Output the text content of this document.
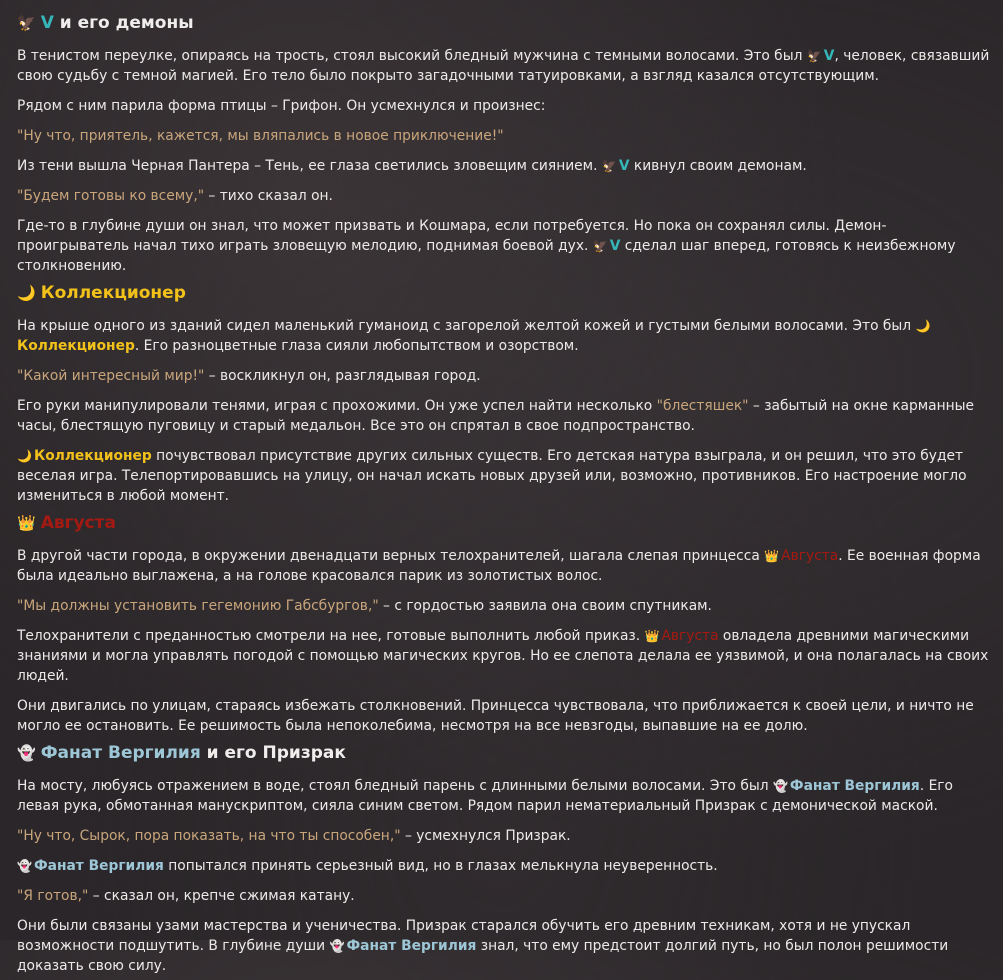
🦅 V и его демоны

В тенистом переулке, опираясь на трость, стоял высокий бледный мужчина с темными волосами. Это был 🦅 V, человек, связавший свою судьбу с темной магией. Его тело было покрыто загадочными татуировками, а взгляд казался отсутствующим.

Рядом с ним парила форма птицы – Грифон. Он усмехнулся и произнес:

"Ну что, приятель, кажется, мы вляпались в новое приключение!"

Из тени вышла Черная Пантера – Тень, ее глаза светились зловещим сиянием. 🦅 V кивнул своим демонам.

"Будем готовы ко всему," – тихо сказал он.

Где-то в глубине души он знал, что может призвать и Кошмара, если потребуется. Но пока он сохранял силы. Демон-проигрыватель начал тихо играть зловещую мелодию, поднимая боевой дух. 🦅 V сделал шаг вперед, готовясь к неизбежному столкновению.

🌙 Коллекционер

На крыше одного из зданий сидел маленький гуманоид с загорелой желтой кожей и густыми белыми волосами. Это был 🌙Коллекционер. Его разноцветные глаза сияли любопытством и озорством.

"Какой интересный мир!" – воскликнул он, разглядывая город.

Его руки манипулировали тенями, играя с прохожими. Он уже успел найти несколько "блестяшек" – забытый на окне карманные часы, блестящую пуговицу и старый медальон. Все это он спрятал в свое подпространство.

🌙 Коллекционер почувствовал присутствие других сильных существ. Его детская натура взыграла, и он решил, что это будет веселая игра. Телепортировавшись на улицу, он начал искать новых друзей или, возможно, противников. Его настроение могло измениться в любой момент.

👑 Августа

В другой части города, в окружении двенадцати верных телохранителей, шагала слепая принцесса 👑 Августа. Ее военная форма была идеально выглажена, а на голове красовался парик из золотистых волос.

"Мы должны установить гегемонию Габсбургов," – с гордостью заявила она своим спутникам.

Телохранители с преданностью смотрели на нее, готовые выполнить любой приказ. 👑 Августа овладела древними магическими знаниями и могла управлять погодой с помощью магических кругов. Но ее слепота делала ее уязвимой, и она полагалась на своих людей.

Они двигались по улицам, стараясь избежать столкновений. Принцесса чувствовала, что приближается к своей цели, и ничто не могло ее остановить. Ее решимость была непоколебима, несмотря на все невзгоды, выпавшие на ее долю.

👻 Фанат Вергилия и его Призрак

На мосту, любуясь отражением в воде, стоял бледный парень с длинными белыми волосами. Это был 👻 Фанат Вергилия. Его левая рука, обмотанная манускриптом, сияла синим светом. Рядом парил нематериальный Призрак с демонической маской.

"Ну что, Сырок, пора показать, на что ты способен," – усмехнулся Призрак.

👻 Фанат Вергилия попытался принять серьезный вид, но в глазах мелькнула неуверенность.

"Я готов," – сказал он, крепче сжимая катану.

Они были связаны узами мастерства и ученичества. Призрак старался обучить его древним техникам, хотя и не упускал возможности подшутить. В глубине души 👻 Фанат Вергилия знал, что ему предстоит долгий путь, но был полон решимости доказать свою силу.
